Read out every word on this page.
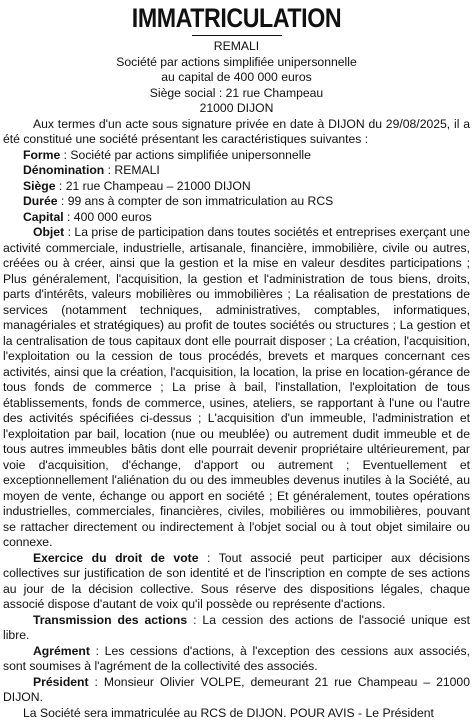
IMMATRICULATION

REMALI

Société par actions simplifiée unipersonnelle

au capital de 400 000 euros

Siège social : 21 rue Champeau

21000 DIJON

Aux termes d'un acte sous signature privée en date à DIJON du 29/08/2025, il a été constitué une société présentant les caractéristiques suivantes :

Forme : Société par actions simplifiée unipersonnelle

Dénomination : REMALI

Siège : 21 rue Champeau – 21000 DIJON

Durée : 99 ans à compter de son immatriculation au RCS

Capital : 400 000 euros

Objet : La prise de participation dans toutes sociétés et entreprises exerçant une activité commerciale, industrielle, artisanale, financière, immobilière, civile ou autres, créées ou à créer, ainsi que la gestion et la mise en valeur desdites participations ; Plus généralement, l'acquisition, la gestion et l'administration de tous biens, droits, parts d'intérêts, valeurs mobilières ou immobilières ; La réalisation de prestations de services (notamment techniques, administratives, comptables, informatiques, managériales et stratégiques) au profit de toutes sociétés ou structures ; La gestion et la centralisation de tous capitaux dont elle pourrait disposer ; La création, l'acquisition, l'exploitation ou la cession de tous procédés, brevets et marques concernant ces activités, ainsi que la création, l'acquisition, la location, la prise en location-gérance de tous fonds de commerce ; La prise à bail, l'installation, l'exploitation de tous établissements, fonds de commerce, usines, ateliers, se rapportant à l'une ou l'autre des activités spécifiées ci-dessus ; L'acquisition d'un immeuble, l'administration et l'exploitation par bail, location (nue ou meublée) ou autrement dudit immeuble et de tous autres immeubles bâtis dont elle pourrait devenir propriétaire ultérieurement, par voie d'acquisition, d'échange, d'apport ou autrement ; Eventuellement et exceptionnellement l'aliénation du ou des immeubles devenus inutiles à la Société, au moyen de vente, échange ou apport en société ; Et généralement, toutes opérations industrielles, commerciales, financières, civiles, mobilières ou immobilières, pouvant se rattacher directement ou indirectement à l'objet social ou à tout objet similaire ou connexe.

Exercice du droit de vote : Tout associé peut participer aux décisions collectives sur justification de son identité et de l'inscription en compte de ses actions au jour de la décision collective. Sous réserve des dispositions légales, chaque associé dispose d'autant de voix qu'il possède ou représente d'actions.

Transmission des actions : La cession des actions de l'associé unique est libre.

Agrément : Les cessions d'actions, à l'exception des cessions aux associés, sont soumises à l'agrément de la collectivité des associés.

Président : Monsieur Olivier VOLPE, demeurant 21 rue Champeau – 21000 DIJON.

La Société sera immatriculée au RCS de DIJON. POUR AVIS - Le Président
